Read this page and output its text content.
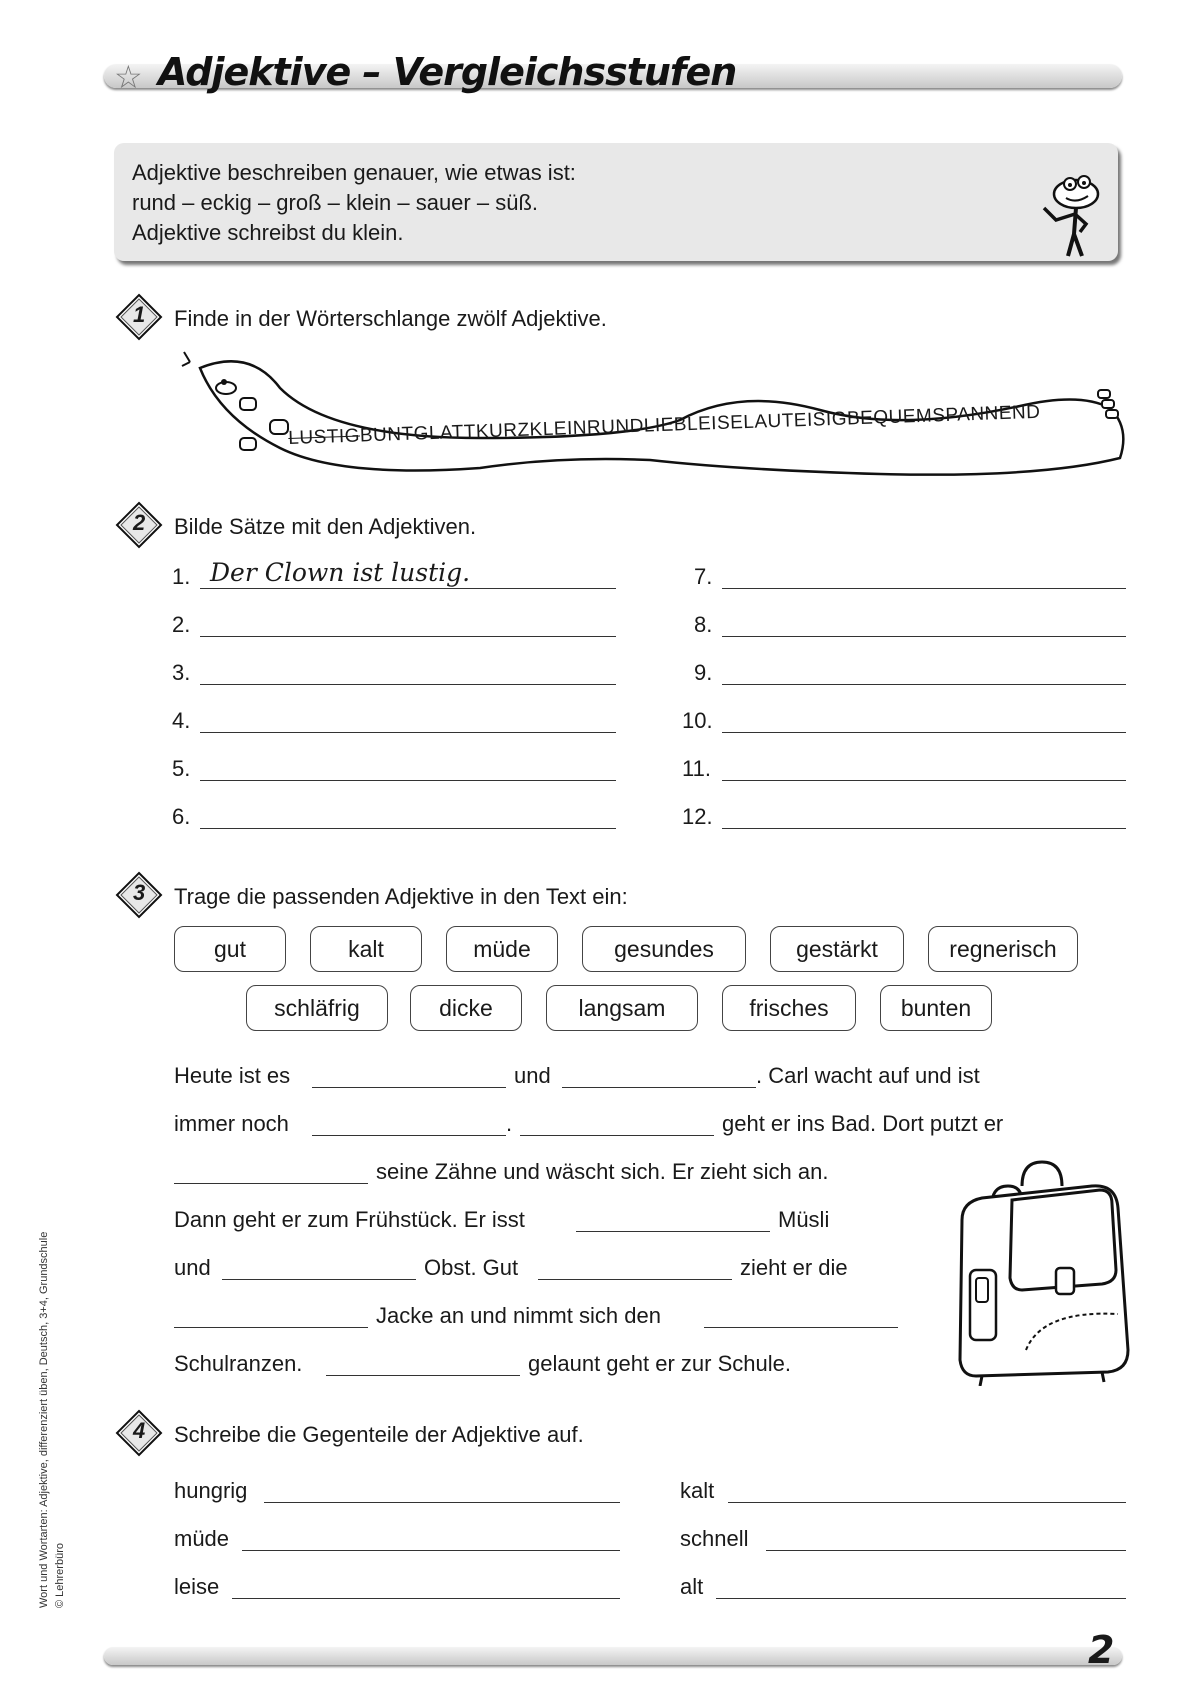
☆ Adjektive – Vergleichsstufen
Adjektive beschreiben genauer, wie etwas ist:
rund – eckig – groß – klein – sauer – süß.
Adjektive schreibst du klein.
1 Finde in der Wörterschlange zwölf Adjektive.
LUSTIGBUNTGLATTKURZKLEINRUNDLIEBLEISELAUTEISIGBEQUEMSPANNEND
2 Bilde Sätze mit den Adjektiven.
1. Der Clown ist lustig.
2.
3.
4.
5.
6.
7.
8.
9.
10.
11.
12.
3 Trage die passenden Adjektive in den Text ein:
gut	kalt	müde	gesundes	gestärkt	regnerisch
schläfrig	dicke	langsam	frisches	bunten
Heute ist es	und	. Carl wacht auf und ist
immer noch	.	geht er ins Bad. Dort putzt er
seine Zähne und wäscht sich. Er zieht sich an.
Dann geht er zum Frühstück. Er isst	Müsli
und	Obst. Gut	zieht er die
Jacke an und nimmt sich den
Schulranzen.	gelaunt geht er zur Schule.
4 Schreibe die Gegenteile der Adjektive auf.
hungrig
müde
leise
kalt
schnell
alt
Wort und Wortarten: Adjektive, differenziert üben, Deutsch, 3+4, Grundschule © Lehrerbüro
2
